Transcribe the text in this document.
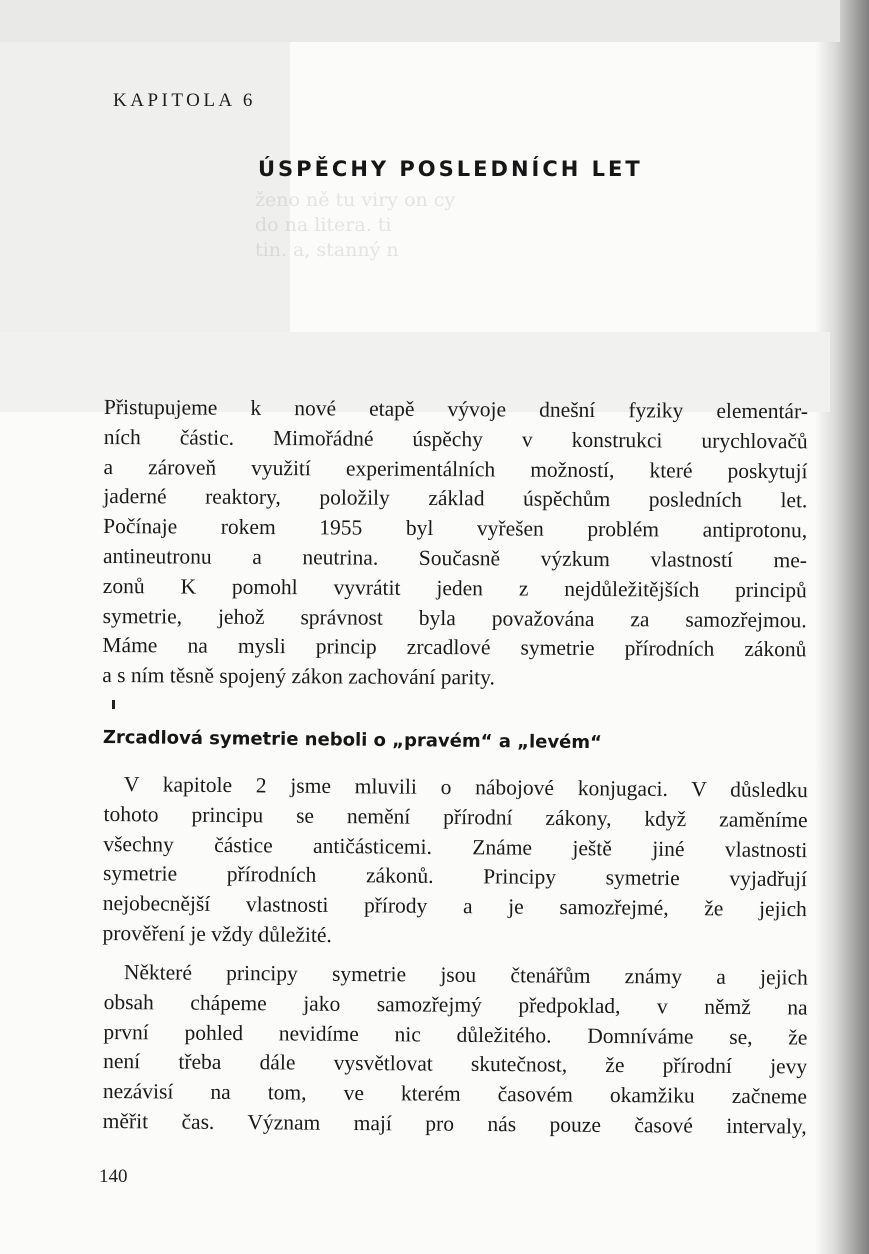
ženo ně tu viry on cy
do na litera. ti
tin. a, stanný n
KAPITOLA 6
ÚSPĚCHY POSLEDNÍCH LET
Přistupujeme k nové etapě vývoje dnešní fyziky elementár-
ních částic. Mimořádné úspěchy v konstrukci urychlovačů
a zároveň využití experimentálních možností, které poskytují
jaderné reaktory, položily základ úspěchům posledních let.
Počínaje rokem 1955 byl vyřešen problém antiprotonu,
antineutronu a neutrina. Současně výzkum vlastností me-
zonů K pomohl vyvrátit jeden z nejdůležitějších principů
symetrie, jehož správnost byla považována za samozřejmou.
Máme na mysli princip zrcadlové symetrie přírodních zákonů
a s ním těsně spojený zákon zachování parity.
Zrcadlová symetrie neboli o „pravém“ a „levém“
V kapitole 2 jsme mluvili o nábojové konjugaci. V důsledku
tohoto principu se nemění přírodní zákony, když zaměníme
všechny částice antičásticemi. Známe ještě jiné vlastnosti
symetrie přírodních zákonů. Principy symetrie vyjadřují
nejobecnější vlastnosti přírody a je samozřejmé, že jejich
prověření je vždy důležité.
Některé principy symetrie jsou čtenářům známy a jejich
obsah chápeme jako samozřejmý předpoklad, v němž na
první pohled nevidíme nic důležitého. Domníváme se, že
není třeba dále vysvětlovat skutečnost, že přírodní jevy
nezávisí na tom, ve kterém časovém okamžiku začneme
měřit čas. Význam mají pro nás pouze časové intervaly,
140
